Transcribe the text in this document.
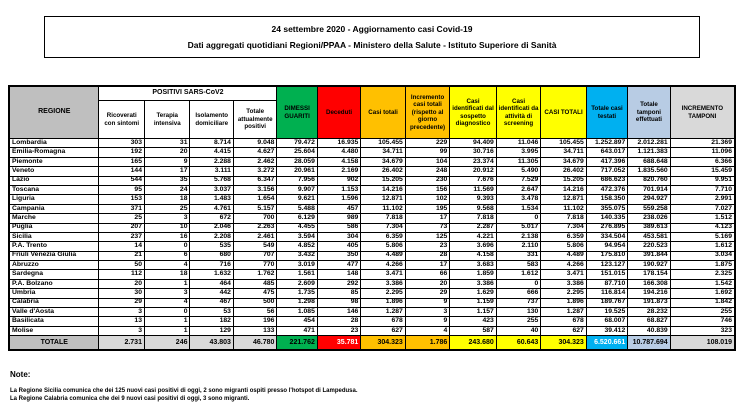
24 settembre 2020 - Aggiornamento casi Covid-19
Dati aggregati quotidiani Regioni/PPAA - Ministero della Salute - Istituto Superiore di Sanità
REGIONE	POSITIVI SARS-CoV2				DIMESSI GUARITI	Deceduti	Casi totali	Incremento casi totali (rispetto al giorno precedente)	Casi identificati dal sospetto diagnostico	Casi identificati da attività di screening	CASI TOTALI	Totale casi testati	Totale tamponi effettuati	INCREMENTO TAMPONI
	Ricoverati con sintomi	Terapia intensiva	Isolamento domiciliare	Totale attualmente positivi										
Lombardia	303	31	8.714	9.048	79.472	16.935	105.455	229	94.409	11.046	105.455	1.252.897	2.012.281	21.369
Emilia-Romagna	192	20	4.415	4.627	25.604	4.480	34.711	99	30.716	3.995	34.711	643.017	1.121.383	11.096
Piemonte	165	9	2.288	2.462	28.059	4.158	34.679	104	23.374	11.305	34.679	417.396	688.648	6.366
Veneto	144	17	3.111	3.272	20.961	2.169	26.402	248	20.912	5.490	26.402	717.052	1.835.560	15.459
Lazio	544	35	5.768	6.347	7.956	902	15.205	230	7.676	7.529	15.205	686.623	820.760	9.951
Toscana	95	24	3.037	3.156	9.907	1.153	14.216	156	11.569	2.647	14.216	472.376	701.914	7.710
Liguria	153	18	1.483	1.654	9.621	1.596	12.871	102	9.393	3.478	12.871	158.350	294.927	2.991
Campania	371	25	4.761	5.157	5.488	457	11.102	195	9.568	1.534	11.102	355.075	559.258	7.027
Marche	25	3	672	700	6.129	989	7.818	17	7.818	0	7.818	140.335	238.026	1.512
Puglia	207	10	2.046	2.263	4.455	586	7.304	73	2.287	5.017	7.304	276.895	389.613	4.123
Sicilia	237	16	2.208	2.461	3.594	304	6.359	125	4.221	2.138	6.359	334.504	453.581	5.169
P.A. Trento	14	0	535	549	4.852	405	5.806	23	3.696	2.110	5.806	94.954	220.523	1.612
Friuli Venezia Giulia	21	6	680	707	3.432	350	4.489	28	4.158	331	4.489	175.810	391.844	3.034
Abruzzo	50	4	716	770	3.019	477	4.266	17	3.683	583	4.266	123.127	190.927	1.875
Sardegna	112	18	1.632	1.762	1.561	148	3.471	66	1.859	1.612	3.471	151.015	178.154	2.325
P.A. Bolzano	20	1	464	485	2.609	292	3.386	20	3.386	0	3.386	87.710	166.308	1.542
Umbria	30	3	442	475	1.735	85	2.295	29	1.629	666	2.295	116.814	194.216	1.692
Calabria	29	4	467	500	1.298	98	1.896	9	1.159	737	1.896	189.767	191.873	1.842
Valle d'Aosta	3	0	53	56	1.085	146	1.287	3	1.157	130	1.287	19.525	28.232	255
Basilicata	13	1	182	196	454	28	678	9	423	255	678	68.007	68.827	746
Molise	3	1	129	133	471	23	627	4	587	40	627	39.412	40.839	323
TOTALE	2.731	246	43.803	46.780	221.762	35.781	304.323	1.786	243.680	60.643	304.323	6.520.661	10.787.694	108.019
Note:
La Regione Sicilia comunica che dei 125 nuovi casi positivi di oggi, 2 sono migranti ospiti presso l'hotspot di Lampedusa.
La Regione Calabria comunica che dei 9 nuovi casi positivi di oggi, 3 sono migranti.
